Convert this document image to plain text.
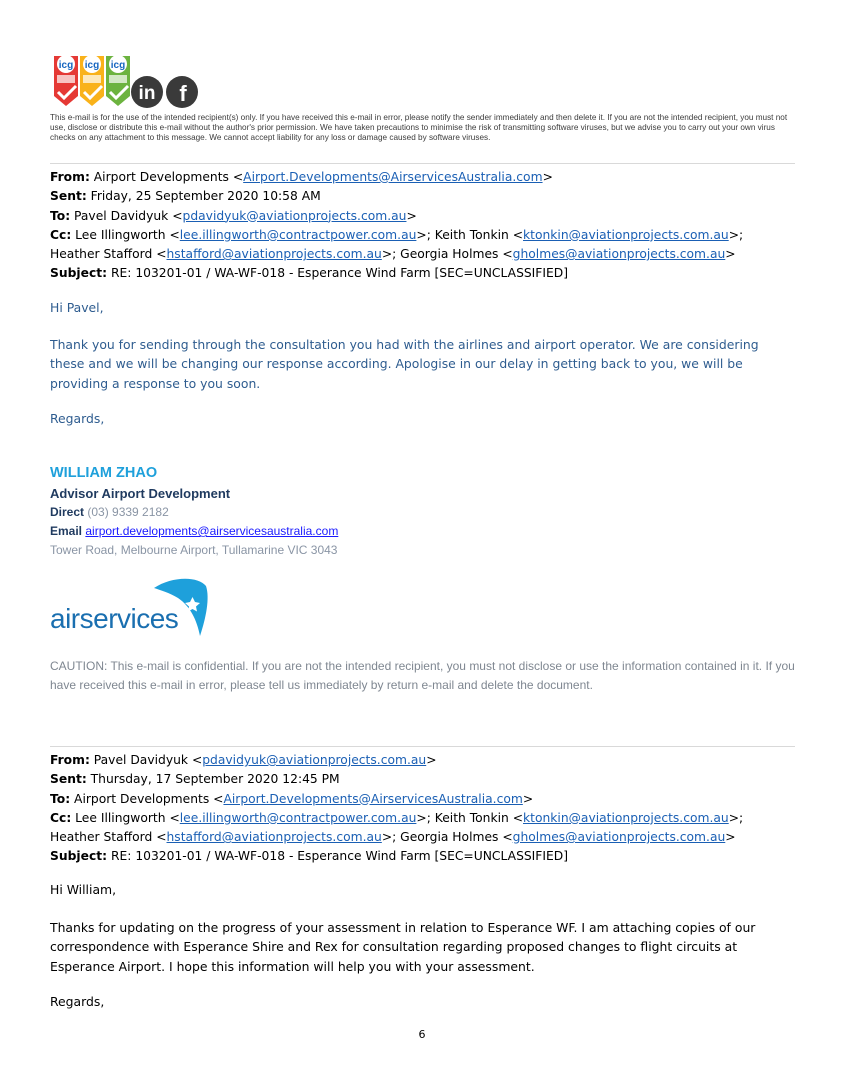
icg icg icg
in f
This e-mail is for the use of the intended recipient(s) only. If you have received this e-mail in error, please notify the sender immediately and then delete it. If you are not the intended recipient, you must not use, disclose or distribute this e-mail without the author's prior permission. We have taken precautions to minimise the risk of transmitting software viruses, but we advise you to carry out your own virus checks on any attachment to this message. We cannot accept liability for any loss or damage caused by software viruses.
From: Airport Developments <Airport.Developments@AirservicesAustralia.com>
Sent: Friday, 25 September 2020 10:58 AM
To: Pavel Davidyuk <pdavidyuk@aviationprojects.com.au>
Cc: Lee Illingworth <lee.illingworth@contractpower.com.au>; Keith Tonkin <ktonkin@aviationprojects.com.au>;
Heather Stafford <hstafford@aviationprojects.com.au>; Georgia Holmes <gholmes@aviationprojects.com.au>
Subject: RE: 103201-01 / WA-WF-018 - Esperance Wind Farm [SEC=UNCLASSIFIED]
Hi Pavel,
Thank you for sending through the consultation you had with the airlines and airport operator. We are considering these and we will be changing our response according. Apologise in our delay in getting back to you, we will be providing a response to you soon.
Regards,
WILLIAM ZHAO
Advisor Airport Development
Direct (03) 9339 2182
Email airport.developments@airservicesaustralia.com
Tower Road, Melbourne Airport, Tullamarine VIC 3043
airservices
CAUTION: This e-mail is confidential. If you are not the intended recipient, you must not disclose or use the information contained in it. If you have received this e-mail in error, please tell us immediately by return e-mail and delete the document.
From: Pavel Davidyuk <pdavidyuk@aviationprojects.com.au>
Sent: Thursday, 17 September 2020 12:45 PM
To: Airport Developments <Airport.Developments@AirservicesAustralia.com>
Cc: Lee Illingworth <lee.illingworth@contractpower.com.au>; Keith Tonkin <ktonkin@aviationprojects.com.au>;
Heather Stafford <hstafford@aviationprojects.com.au>; Georgia Holmes <gholmes@aviationprojects.com.au>
Subject: RE: 103201-01 / WA-WF-018 - Esperance Wind Farm [SEC=UNCLASSIFIED]
Hi William,
Thanks for updating on the progress of your assessment in relation to Esperance WF. I am attaching copies of our correspondence with Esperance Shire and Rex for consultation regarding proposed changes to flight circuits at Esperance Airport. I hope this information will help you with your assessment.
Regards,
6
